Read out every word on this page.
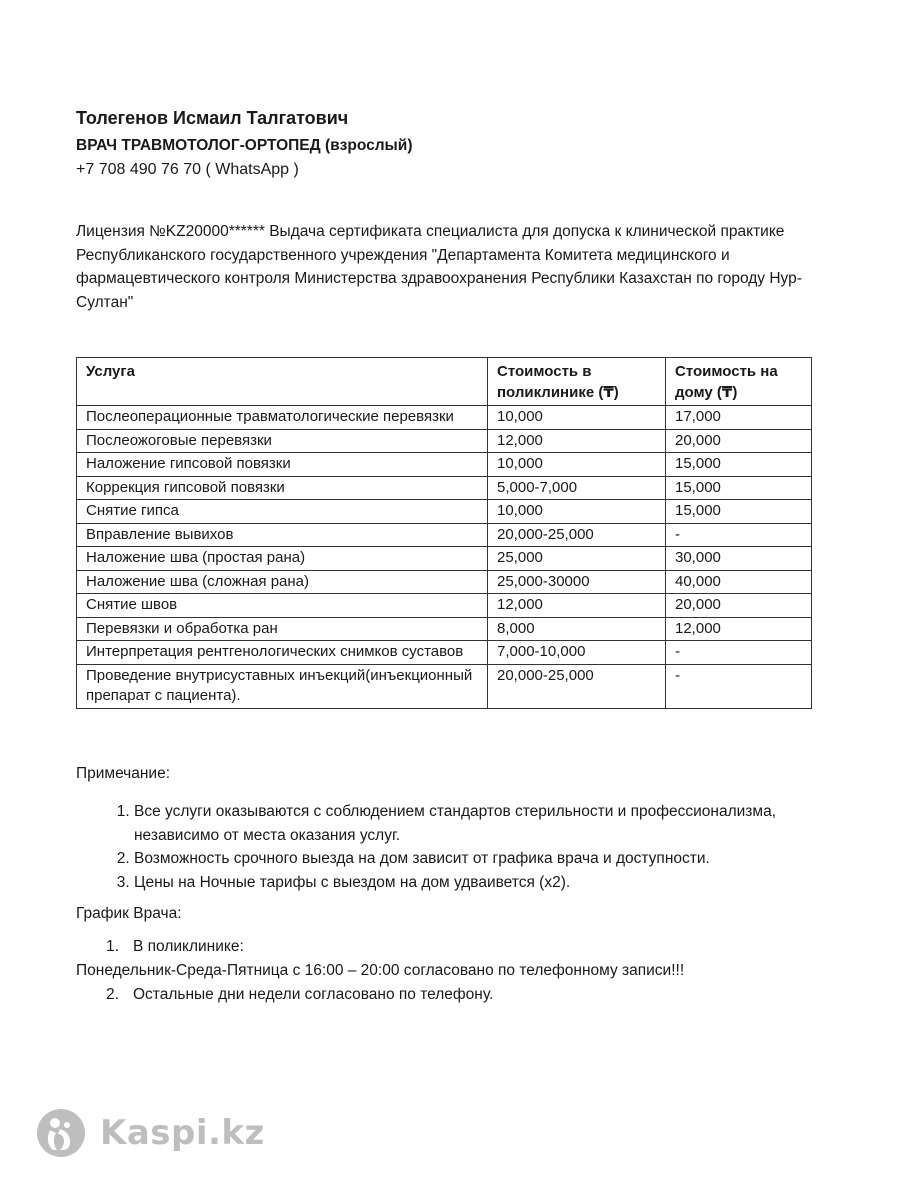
Толегенов Исмаил Талгатович
ВРАЧ ТРАВМОТОЛОГ-ОРТОПЕД (взрослый)
+7 708 490 76 70 ( WhatsApp )
Лицензия №KZ20000****** Выдача сертификата специалиста для допуска к клинической практике Республиканского государственного учреждения "Департамента Комитета медицинского и фармацевтического контроля Министерства здравоохранения Республики Казахстан по городу Нур-Султан"
Услуга	Стоимость в поликлинике (₸)	Стоимость на дому (₸)
Послеоперационные травматологические перевязки	10,000	17,000
Послеожоговые перевязки	12,000	20,000
Наложение гипсовой повязки	10,000	15,000
Коррекция гипсовой повязки	5,000-7,000	15,000
Снятие гипса	10,000	15,000
Вправление вывихов	20,000-25,000	-
Наложение шва (простая рана)	25,000	30,000
Наложение шва (сложная рана)	25,000-30000	40,000
Снятие швов	12,000	20,000
Перевязки и обработка ран	8,000	12,000
Интерпретация рентгенологических снимков суставов	7,000-10,000	-
Проведение внутрисуставных инъекций(инъекционный препарат с пациента).	20,000-25,000	-
Примечание:
1. Все услуги оказываются с соблюдением стандартов стерильности и профессионализма, независимо от места оказания услуг.
2. Возможность срочного выезда на дом зависит от графика врача и доступности.
3. Цены на Ночные тарифы с выездом на дом удваивется (x2).
График Врача:
1. В поликлинике:
Понедельник-Среда-Пятница с 16:00 – 20:00 согласовано по телефонному записи!!!
2. Остальные дни недели согласовано по телефону.
Kaspi.kz
